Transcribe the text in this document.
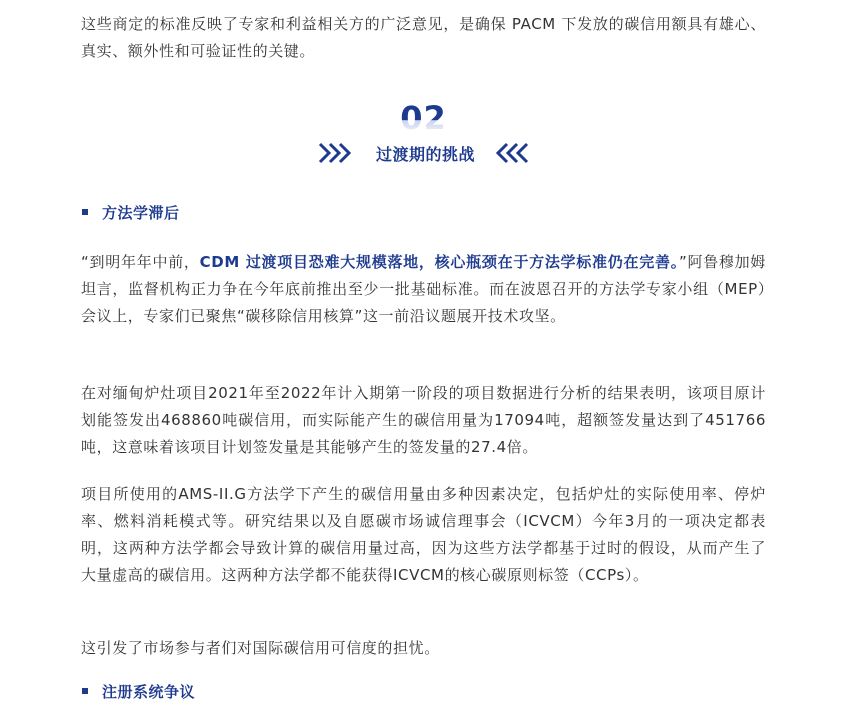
这些商定的标准反映了专家和利益相关方的广泛意见，是确保 PACM 下发放的碳信用额具有雄心、真实、额外性和可验证性的关键。

02
过渡期的挑战
方法学滞后

“到明年年中前，CDM 过渡项目恐难大规模落地，核心瓶颈在于方法学标准仍在完善。”阿鲁穆加姆坦言，监督机构正力争在今年底前推出至少一批基础标准。而在波恩召开的方法学专家小组（MEP）会议上，专家们已聚焦“碳移除信用核算”这一前沿议题展开技术攻坚。

在对缅甸炉灶项目2021年至2022年计入期第一阶段的项目数据进行分析的结果表明，该项目原计划能签发出468860吨碳信用，而实际能产生的碳信用量为17094吨，超额签发量达到了451766吨，这意味着该项目计划签发量是其能够产生的签发量的27.4倍。

项目所使用的AMS-II.G方法学下产生的碳信用量由多种因素决定，包括炉灶的实际使用率、停炉率、燃料消耗模式等。研究结果以及自愿碳市场诚信理事会（ICVCM）今年3月的一项决定都表明，这两种方法学都会导致计算的碳信用量过高，因为这些方法学都基于过时的假设，从而产生了大量虚高的碳信用。这两种方法学都不能获得ICVCM的核心碳原则标签（CCPs）。

这引发了市场参与者们对国际碳信用可信度的担忧。

注册系统争议
